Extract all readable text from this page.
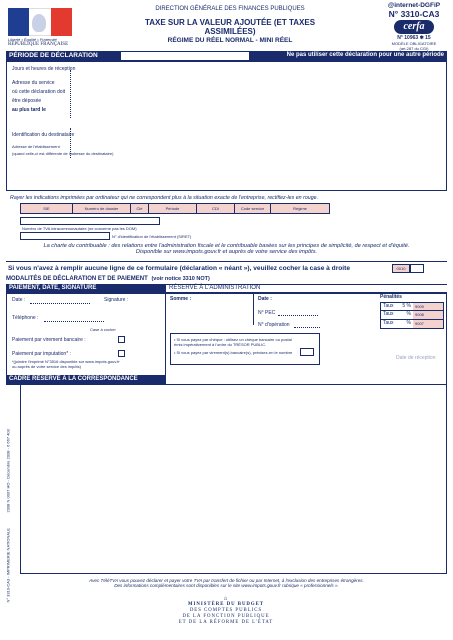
Liberté • Égalité • Fraternité
RÉPUBLIQUE FRANÇAISE
DIRECTION GÉNÉRALE DES FINANCES PUBLIQUES
TAXE SUR LA VALEUR AJOUTÉE (ET TAXES ASSIMILÉES)
RÉGIME DU RÉEL NORMAL - MINI RÉEL
@internet-DGFiP
N° 3310-CA3
cerfa
N° 10963 ✱ 15
MODÈLE OBLIGATOIRE
(art.287 du CGI)
PÉRIODE DE DÉCLARATION	Ne pas utiliser cette déclaration pour une autre période
Jours et heures de réception
Adresse du service
où cette déclaration doit
être déposée
au plus tard le
Identification du destinataire
Adresse de l'établissement
(quand celle-ci est différente de l'adresse du destinataire)
Rayer les indications imprimées par ordinateur qui ne correspondent plus à la situation exacte de l'entreprise, rectifiez-les en rouge.
SIE	Numéro de dossier	Clé	Période	CDI	Code service	Régime
Numéro de TVA intracommunautaire (ne concerne pas les DOM)
N° d'identification de l'établissement (SIRET)
La charte du contribuable : des relations entre l'administration fiscale et le contribuable basées sur les principes de simplicité, de respect et d'équité.
Disponible sur www.impots.gouv.fr et auprès de votre service des impôts.
Si vous n'avez à remplir aucune ligne de ce formulaire (déclaration « néant »), veuillez cocher la case à droite	0010
MODALITÉS DE DÉCLARATION ET DE PAIEMENT (voir notice 3310 NOT)
PAIEMENT, DATE, SIGNATURE	RÉSERVÉ À L'ADMINISTRATION
Date :	Signature :
Téléphone :
Case à cocher
Paiement par virement bancaire :
Paiement par imputation* :
*(joindre l'imprimé N°3516 disponible sur www.impots.gouv.fr ou auprès de votre service des impôts)
Somme :	Date :
N° PEC
N° d'opération
• Si vous payez par chèque : utilisez un chèque bancaire ou postal émis impérativement à l'ordre du TRÉSOR PUBLIC.
• Si vous payez par virement(s) bancaire(s), précisez-en le nombre
Pénalités
Taux	5 %	9009
Taux	%	9008
Taux	%	9007
Date de réception
CADRE RÉSERVÉ À LA CORRESPONDANCE
N° 3310-CA3 - IMPRIMERIE NATIONALE
2008 N 0007 HO - Décembre 2008 - 6 667 403
Avec TéléTVA vous pouvez déclarer et payer votre TVA par transfert de fichier ou par Internet, à l'exclusion des entreprises étrangères.
Des informations complémentaires sont disponibles sur le site www.impots.gouv.fr rubrique « professionnels ».
⌂
MINISTÈRE DU BUDGET
DES COMPTES PUBLICS
DE LA FONCTION PUBLIQUE
ET DE LA RÉFORME DE L'ÉTAT
